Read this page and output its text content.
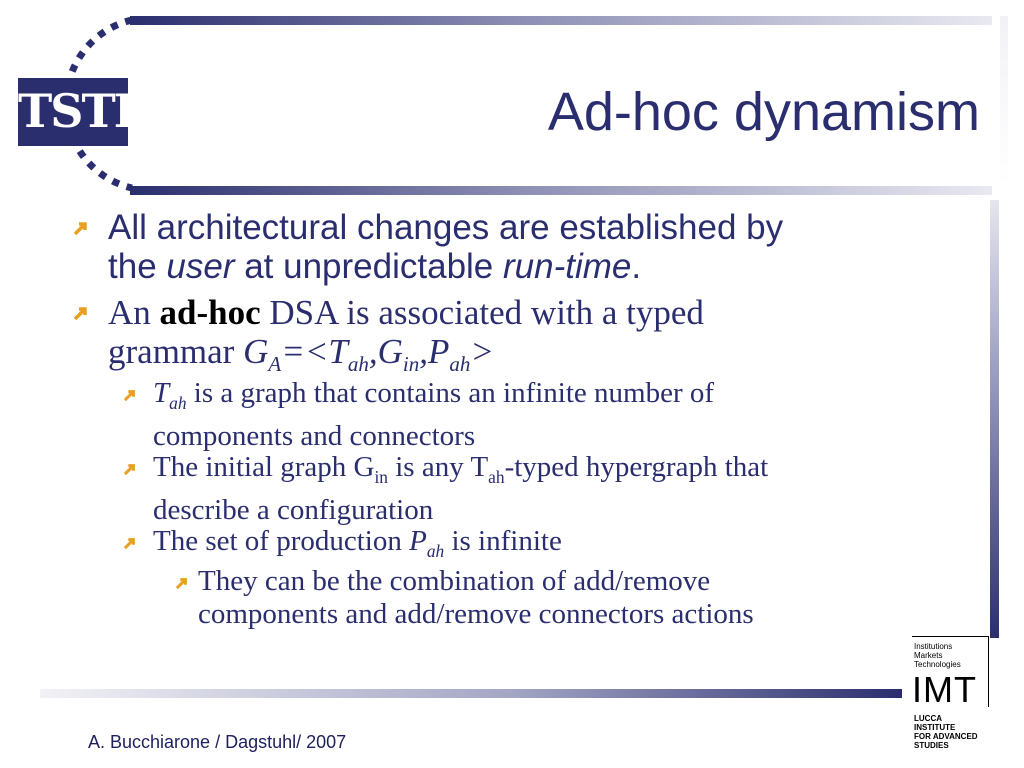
TSTI	Ad-hoc dynamism
All architectural changes are established by
the user at unpredictable run-time.
An ad-hoc DSA is associated with a typed
grammar $G_A=<T_{ah},G_{in},P_{ah}>$
$T_{ah}$ is a graph that contains an infinite number of
components and connectors
The initial graph $G_{in}$ is any $T_{ah}$-typed hypergraph that
describe a configuration
The set of production $P_{ah}$ is infinite
They can be the combination of add/remove
components and add/remove connectors actions
Institutions
Markets
Technologies
IMT
LUCCA
INSTITUTE
FOR ADVANCED
STUDIES
A. Bucchiarone / Dagstuhl/ 2007
